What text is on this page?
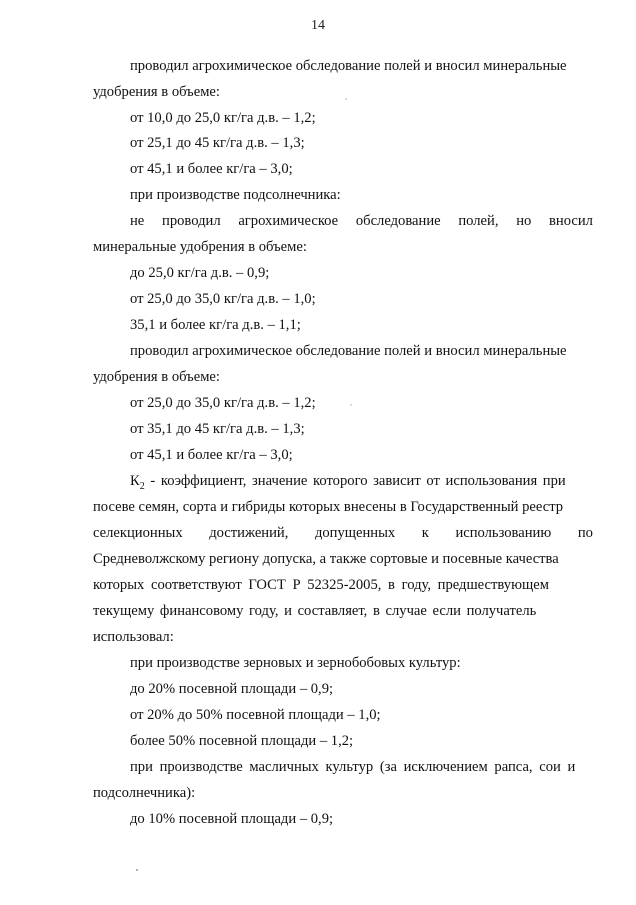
14
проводил агрохимическое обследование полей и вносил минеральные
удобрения в объеме:
от 10,0 до 25,0 кг/га д.в. – 1,2;
от 25,1 до 45 кг/га д.в. – 1,3;
от 45,1 и более кг/га – 3,0;
при производстве подсолнечника:
не проводил агрохимическое обследование полей, но вносил
минеральные удобрения в объеме:
до 25,0 кг/га д.в. – 0,9;
от 25,0 до 35,0 кг/га д.в. – 1,0;
35,1 и более кг/га д.в. – 1,1;
проводил агрохимическое обследование полей и вносил минеральные
удобрения в объеме:
от 25,0 до 35,0 кг/га д.в. – 1,2;
от 35,1 до 45 кг/га д.в. – 1,3;
от 45,1 и более кг/га – 3,0;
$К_2$ - коэффициент, значение которого зависит от использования при
посеве семян, сорта и гибриды которых внесены в Государственный реестр
селекционных достижений, допущенных к использованию по
Средневолжскому региону допуска, а также сортовые и посевные качества
которых соответствуют ГОСТ Р 52325-2005, в году, предшествующем
текущему финансовому году, и составляет, в случае если получатель
использовал:
при производстве зерновых и зернобобовых культур:
до 20% посевной площади – 0,9;
от 20% до 50% посевной площади – 1,0;
более 50% посевной площади – 1,2;
при производстве масличных культур (за исключением рапса, сои и
подсолнечника):
до 10% посевной площади – 0,9;
